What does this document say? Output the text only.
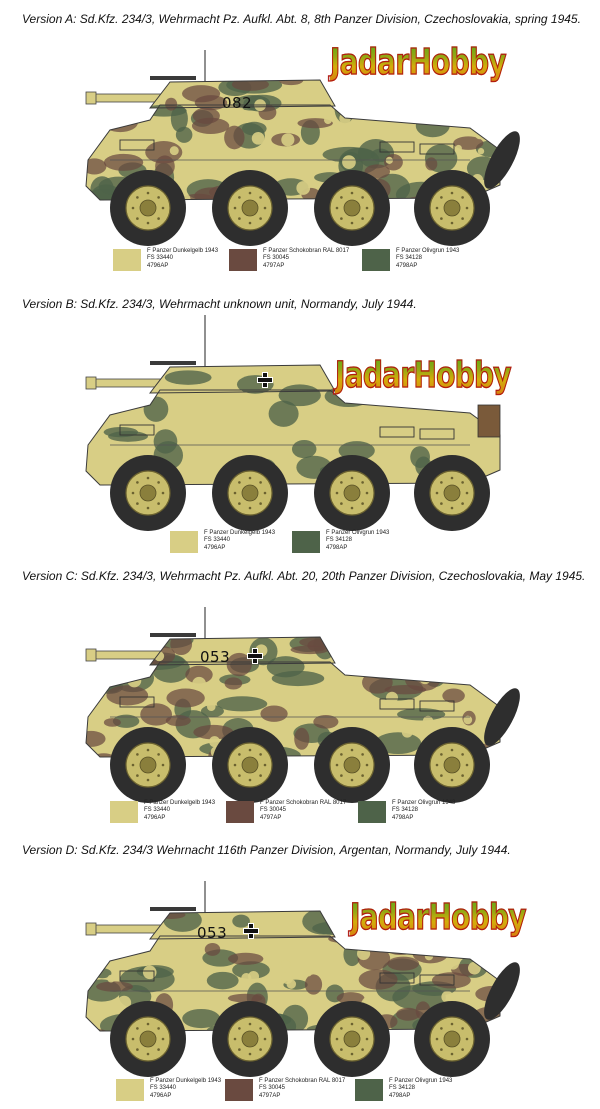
Version A: Sd.Kfz. 234/3, Wehrmacht Pz. Aufkl. Abt. 8, 8th Panzer Division, Czechoslovakia, spring 1945.
082
JadarHobby
F Panzer Dunkelgelb 1943
FS 33440
4796AP
F Panzer Schokobran RAL 8017
FS 30045
4797AP
F Panzer Olivgrun 1943
FS 34128
4798AP
Version B: Sd.Kfz. 234/3, Wehrmacht unknown unit, Normandy, July 1944.
JadarHobby
F Panzer Dunkelgelb 1943
FS 33440
4796AP
F Panzer Olivgrun 1943
FS 34128
4798AP
Version C: Sd.Kfz. 234/3, Wehrmacht Pz. Aufkl. Abt. 20, 20th Panzer Division, Czechoslovakia, May 1945.
053
F Panzer Dunkelgelb 1943
FS 33440
4796AP
F Panzer Schokobran RAL 8017
FS 30045
4797AP
F Panzer Olivgrun 1943
FS 34128
4798AP
Version D: Sd.Kfz. 234/3 Wehrnacht 116th Panzer Division, Argentan, Normandy, July 1944.
053	JadarHobby
F Panzer Dunkelgelb 1943
FS 33440
4796AP
F Panzer Schokobran RAL 8017
FS 30045
4797AP
F Panzer Olivgrun 1943
FS 34128
4798AP
